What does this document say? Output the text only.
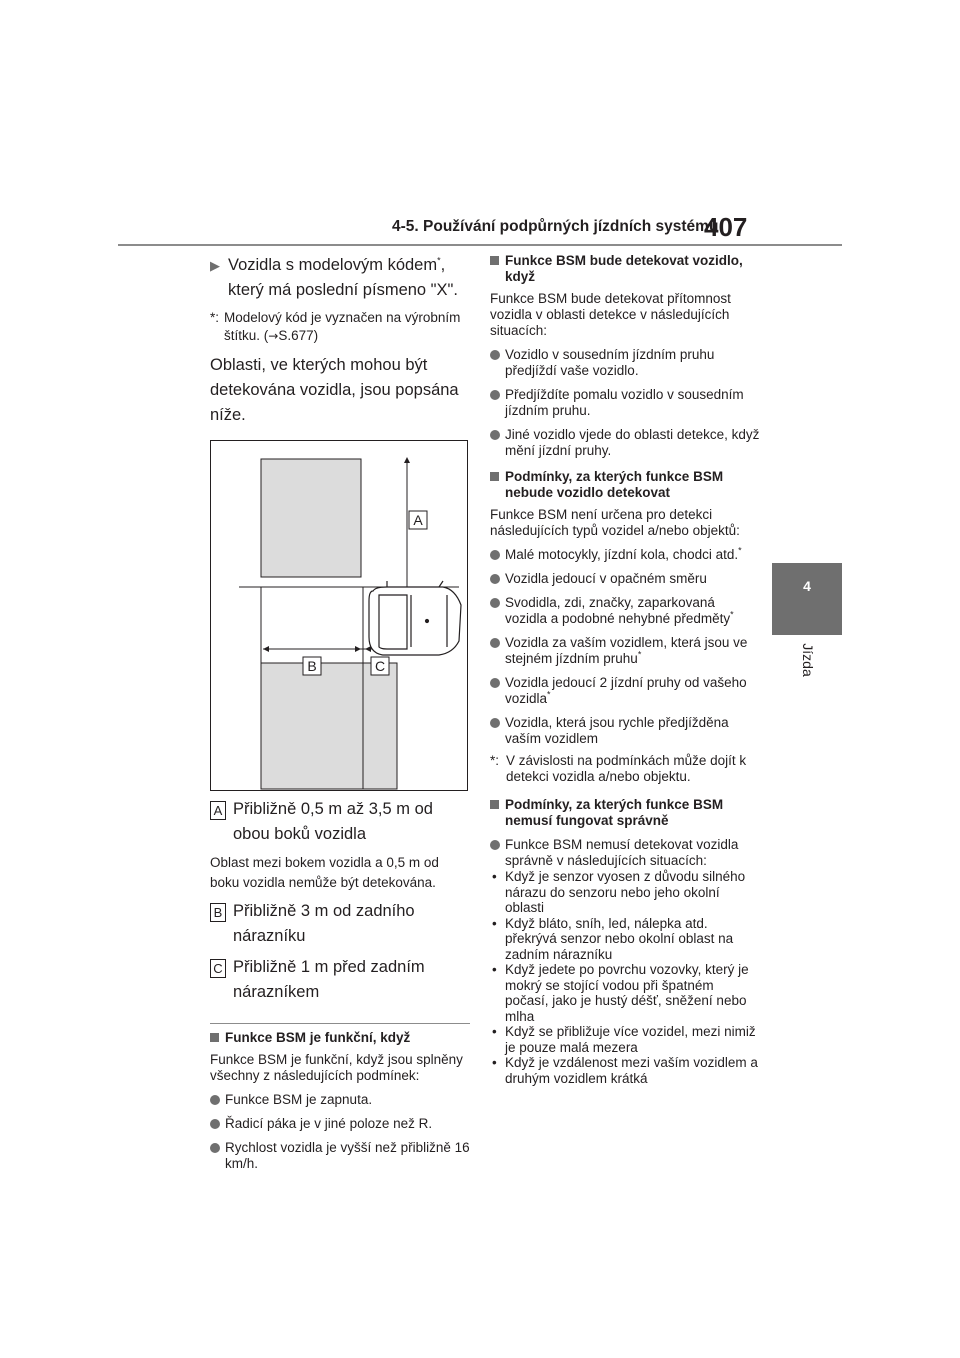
4-5. Používání podpůrných jízdních systémů
407
4
Jízda
▶ Vozidla s modelovým kódem*,
který má poslední písmeno "X".
*: Modelový kód je vyznačen na výrobním štítku. (→S.677)
Oblasti, ve kterých mohou být detekována vozidla, jsou popsána níže.
A
B	C
A Přibližně 0,5 m až 3,5 m od obou boků vozidla
Oblast mezi bokem vozidla a 0,5 m od boku vozidla nemůže být detekována.
B Přibližně 3 m od zadního nárazníku
C Přibližně 1 m před zadním nárazníkem
Funkce BSM je funkční, když
Funkce BSM je funkční, když jsou splněny všechny z následujících podmínek:
Funkce BSM je zapnuta.
Řadicí páka je v jiné poloze než R.
Rychlost vozidla je vyšší než přibližně 16 km/h.
Funkce BSM bude detekovat vozidlo, když
Funkce BSM bude detekovat přítomnost vozidla v oblasti detekce v následujících situacích:
Vozidlo v sousedním jízdním pruhu předjíždí vaše vozidlo.
Předjíždíte pomalu vozidlo v sousedním jízdním pruhu.
Jiné vozidlo vjede do oblasti detekce, když mění jízdní pruhy.
Podmínky, za kterých funkce BSM nebude vozidlo detekovat
Funkce BSM není určena pro detekci následujících typů vozidel a/nebo objektů:
Malé motocykly, jízdní kola, chodci atd.*
Vozidla jedoucí v opačném směru
Svodidla, zdi, značky, zaparkovaná vozidla a podobné nehybné předměty*
Vozidla za vaším vozidlem, která jsou ve stejném jízdním pruhu*
Vozidla jedoucí 2 jízdní pruhy od vašeho vozidla*
Vozidla, která jsou rychle předjížděna vaším vozidlem
*: V závislosti na podmínkách může dojít k detekci vozidla a/nebo objektu.
Podmínky, za kterých funkce BSM nemusí fungovat správně
Funkce BSM nemusí detekovat vozidla správně v následujících situacích:
• Když je senzor vyosen z důvodu silného nárazu do senzoru nebo jeho okolní oblasti
• Když bláto, sníh, led, nálepka atd. překrývá senzor nebo okolní oblast na zadním nárazníku
• Když jedete po povrchu vozovky, který je mokrý se stojící vodou při špatném počasí, jako je hustý déšť, sněžení nebo mlha
• Když se přibližuje více vozidel, mezi nimiž je pouze malá mezera
• Když je vzdálenost mezi vaším vozidlem a druhým vozidlem krátká
